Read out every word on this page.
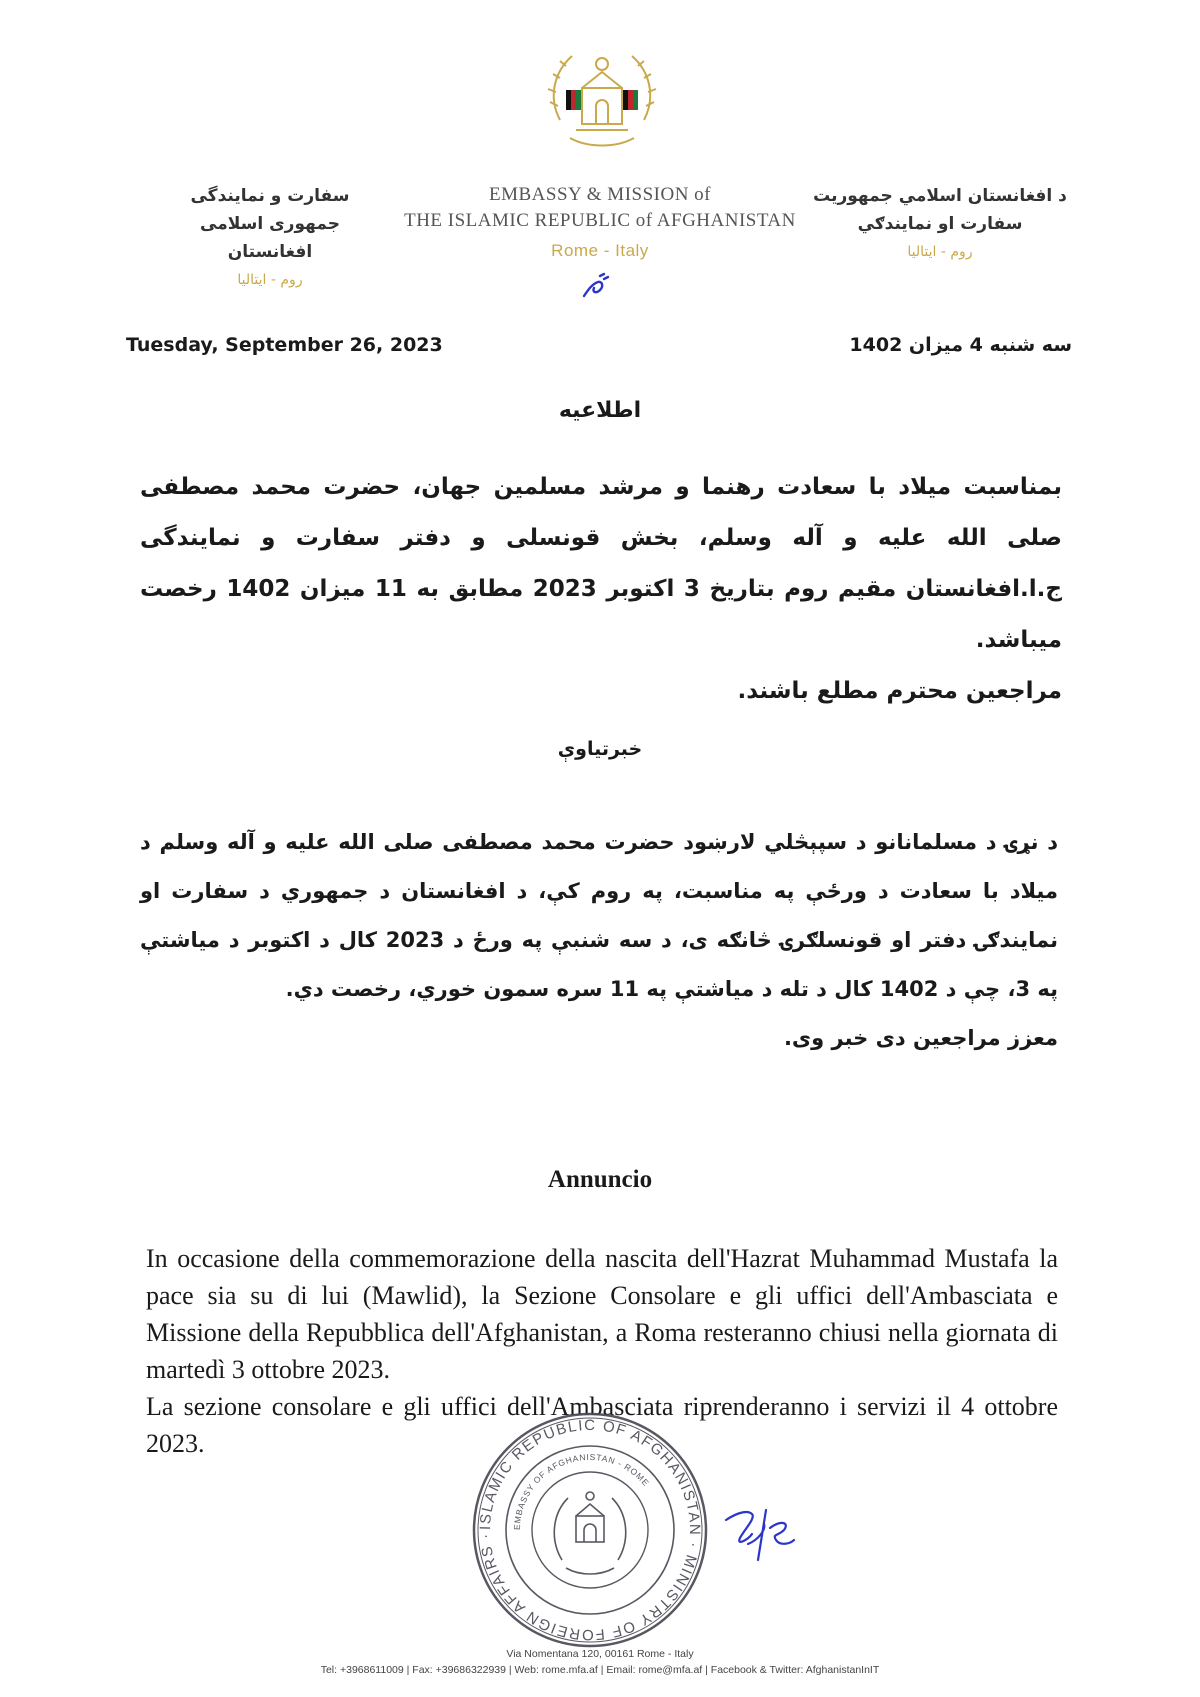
د افغانستان اسلامي جمهوریت
سفارت او نمایندګي
روم - ایتالیا
EMBASSY & MISSION of
THE ISLAMIC REPUBLIC of AFGHANISTAN
Rome - Italy
سفارت و نمایندگی
جمهوری اسلامی افغانستان
روم - ایتالیا
Tuesday, September 26, 2023	سه شنبه 4 میزان 1402
اطلاعیه

بمناسبت میلاد با سعادت رهنما و مرشد مسلمین جهان، حضرت محمد مصطفی صلی الله علیه و آله وسلم، بخش قونسلی و دفتر سفارت و نمایندگی ج.ا.افغانستان مقیم روم بتاریخ 3 اکتوبر 2023 مطابق به 11 میزان 1402 رخصت میباشد.

مراجعین محترم مطلع باشند.

خبرتیاوې

د نړۍ د مسلمانانو د سپېڅلي لارښود حضرت محمد مصطفی صلی الله علیه و آله وسلم د میلاد با سعادت د ورځې په مناسبت، په روم کې، د افغانستان د جمهوري د سفارت او نمایندګۍ دفتر او قونسلګرۍ څانګه ی، د سه شنبې په ورځ د 2023 کال د اکتوبر د میاشتې په 3، چې د 1402 کال د تله د میاشتې په 11 سره سمون خوري، رخصت دي.

معزز مراجعین دی خبر وی.

Annuncio

In occasione della commemorazione della nascita dell'Hazrat Muhammad Mustafa la pace sia su di lui (Mawlid), la Sezione Consolare e gli uffici dell'Ambasciata e Missione della Repubblica dell'Afghanistan, a Roma resteranno chiusi nella giornata di martedì 3 ottobre 2023.

La sezione consolare e gli uffici dell'Ambasciata riprenderanno i servizi il 4 ottobre 2023.

ISLAMIC REPUBLIC OF AFGHANISTAN · MINISTRY OF FOREIGN AFFAIRS ·
EMBASSY OF AFGHANISTAN - ROME
Via Nomentana 120, 00161 Rome - Italy
Tel: +3968611009 | Fax: +39686322939 | Web: rome.mfa.af | Email: rome@mfa.af | Facebook & Twitter: AfghanistanInIT
